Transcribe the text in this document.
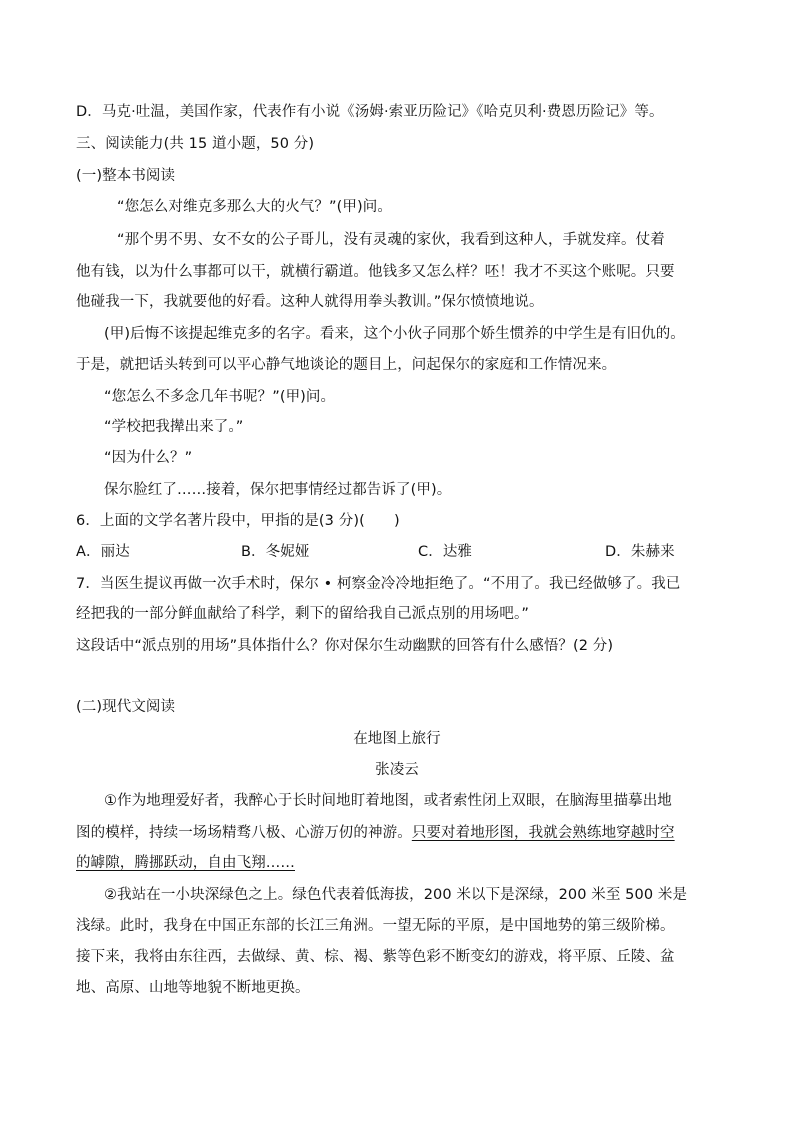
D．马克·吐温，美国作家，代表作有小说《汤姆·索亚历险记》《哈克贝利·费恩历险记》等。
三、阅读能力(共 15 道小题，50 分)
(一)整本书阅读
“您怎么对维克多那么大的火气？”(甲)问。
“那个男不男、女不女的公子哥儿，没有灵魂的家伙，我看到这种人，手就发痒。仗着
他有钱，以为什么事都可以干，就横行霸道。他钱多又怎么样？呸！我才不买这个账呢。只要
他碰我一下，我就要他的好看。这种人就得用拳头教训。”保尔愤愤地说。
(甲)后悔不该提起维克多的名字。看来，这个小伙子同那个娇生惯养的中学生是有旧仇的。
于是，就把话头转到可以平心静气地谈论的题目上，问起保尔的家庭和工作情况来。
“您怎么不多念几年书呢？”(甲)问。
“学校把我撵出来了。”
“因为什么？”
保尔脸红了……接着，保尔把事情经过都告诉了(甲)。
6．上面的文学名著片段中，甲指的是(3 分)(　　)
A．丽达	B．冬妮娅	C．达雅	D．朱赫来
7．当医生提议再做一次手术时，保尔 • 柯察金冷冷地拒绝了。“不用了。我已经做够了。我已
经把我的一部分鲜血献给了科学，剩下的留给我自己派点别的用场吧。”
这段话中“派点别的用场”具体指什么？你对保尔生动幽默的回答有什么感悟？(2 分)
(二)现代文阅读
在地图上旅行
张凌云
①作为地理爱好者，我醉心于长时间地盯着地图，或者索性闭上双眼，在脑海里描摹出地
图的模样，持续一场场精骛八极、心游万仞的神游。只要对着地形图，我就会熟练地穿越时空
的罅隙，腾挪跃动，自由飞翔……
②我站在一小块深绿色之上。绿色代表着低海拔，200 米以下是深绿，200 米至 500 米是
浅绿。此时，我身在中国正东部的长江三角洲。一望无际的平原，是中国地势的第三级阶梯。
接下来，我将由东往西，去做绿、黄、棕、褐、紫等色彩不断变幻的游戏，将平原、丘陵、盆
地、高原、山地等地貌不断地更换。
